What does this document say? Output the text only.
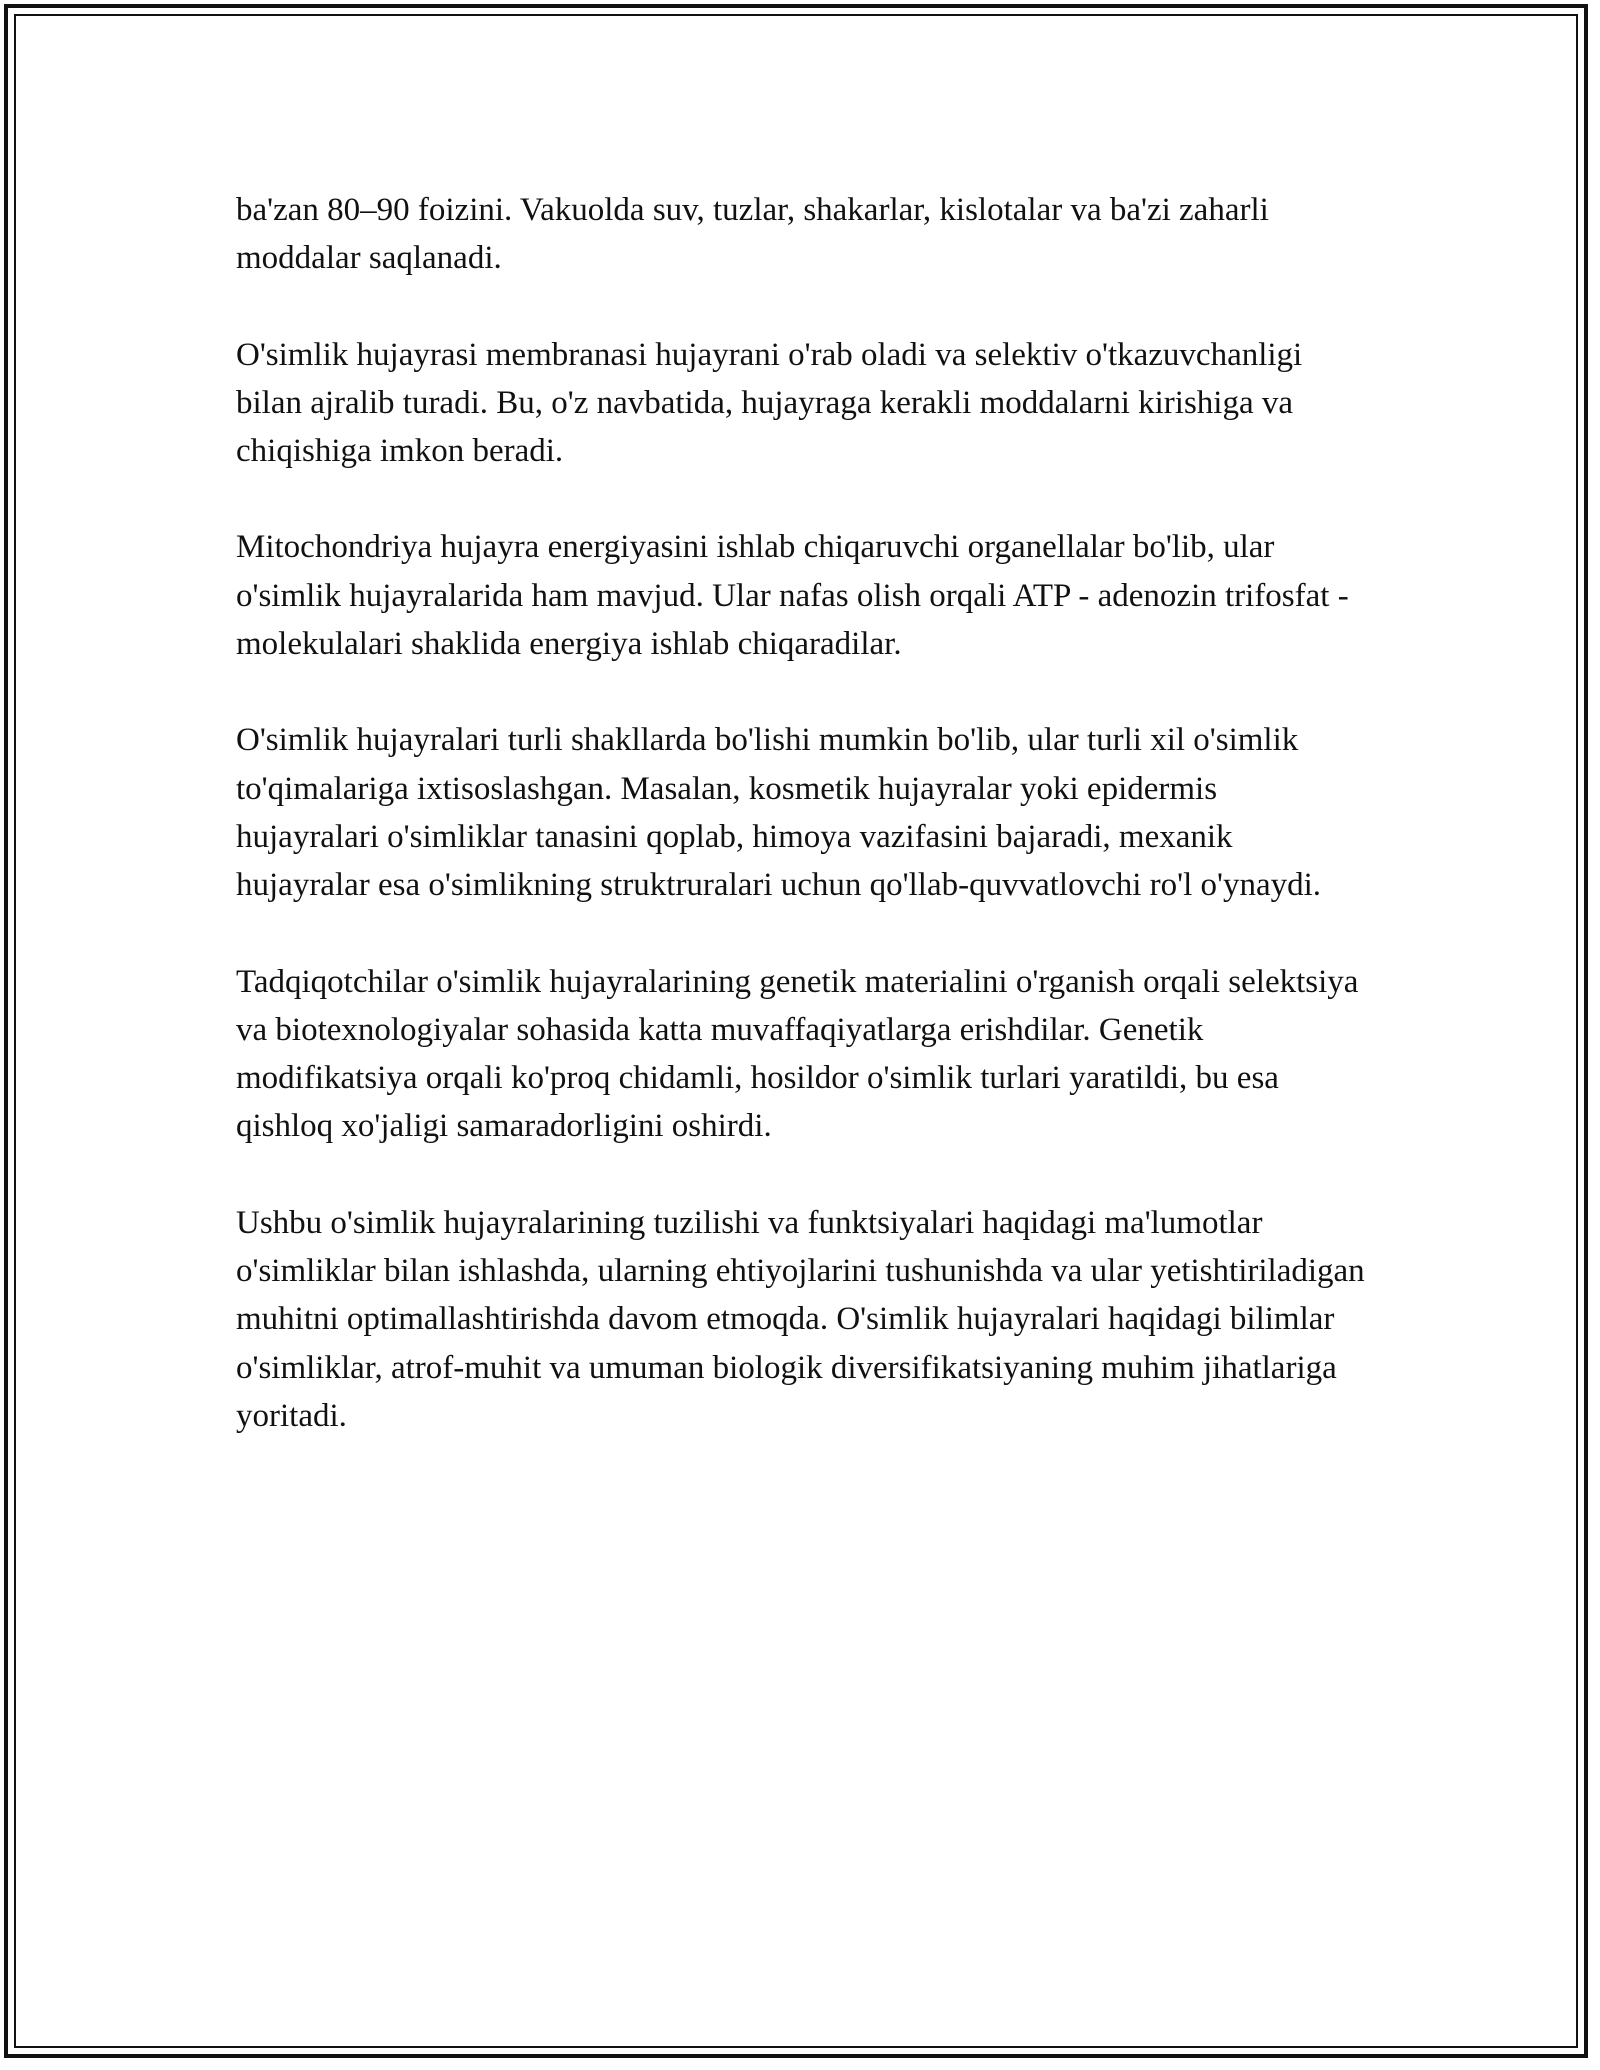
ba'zan 80–90 foizini. Vakuolda suv, tuzlar, shakarlar, kislotalar va ba'zi zaharli moddalar saqlanadi.

O'simlik hujayrasi membranasi hujayrani o'rab oladi va selektiv o'tkazuvchanligi bilan ajralib turadi. Bu, o'z navbatida, hujayraga kerakli moddalarni kirishiga va chiqishiga imkon beradi.

Mitochondriya hujayra energiyasini ishlab chiqaruvchi organellalar bo'lib, ular o'simlik hujayralarida ham mavjud. Ular nafas olish orqali ATP - adenozin trifosfat - molekulalari shaklida energiya ishlab chiqaradilar.

O'simlik hujayralari turli shakllarda bo'lishi mumkin bo'lib, ular turli xil o'simlik to'qimalariga ixtisoslashgan. Masalan, kosmetik hujayralar yoki epidermis hujayralari o'simliklar tanasini qoplab, himoya vazifasini bajaradi, mexanik hujayralar esa o'simlikning struktruralari uchun qo'llab-quvvatlovchi ro'l o'ynaydi.

Tadqiqotchilar o'simlik hujayralarining genetik materialini o'rganish orqali selektsiya va biotexnologiyalar sohasida katta muvaffaqiyatlarga erishdilar. Genetik modifikatsiya orqali ko'proq chidamli, hosildor o'simlik turlari yaratildi, bu esa qishloq xo'jaligi samaradorligini oshirdi.

Ushbu o'simlik hujayralarining tuzilishi va funktsiyalari haqidagi ma'lumotlar o'simliklar bilan ishlashda, ularning ehtiyojlarini tushunishda va ular yetishtiriladigan muhitni optimallashtirishda davom etmoqda. O'simlik hujayralari haqidagi bilimlar o'simliklar, atrof-muhit va umuman biologik diversifikatsiyaning muhim jihatlariga yoritadi.
